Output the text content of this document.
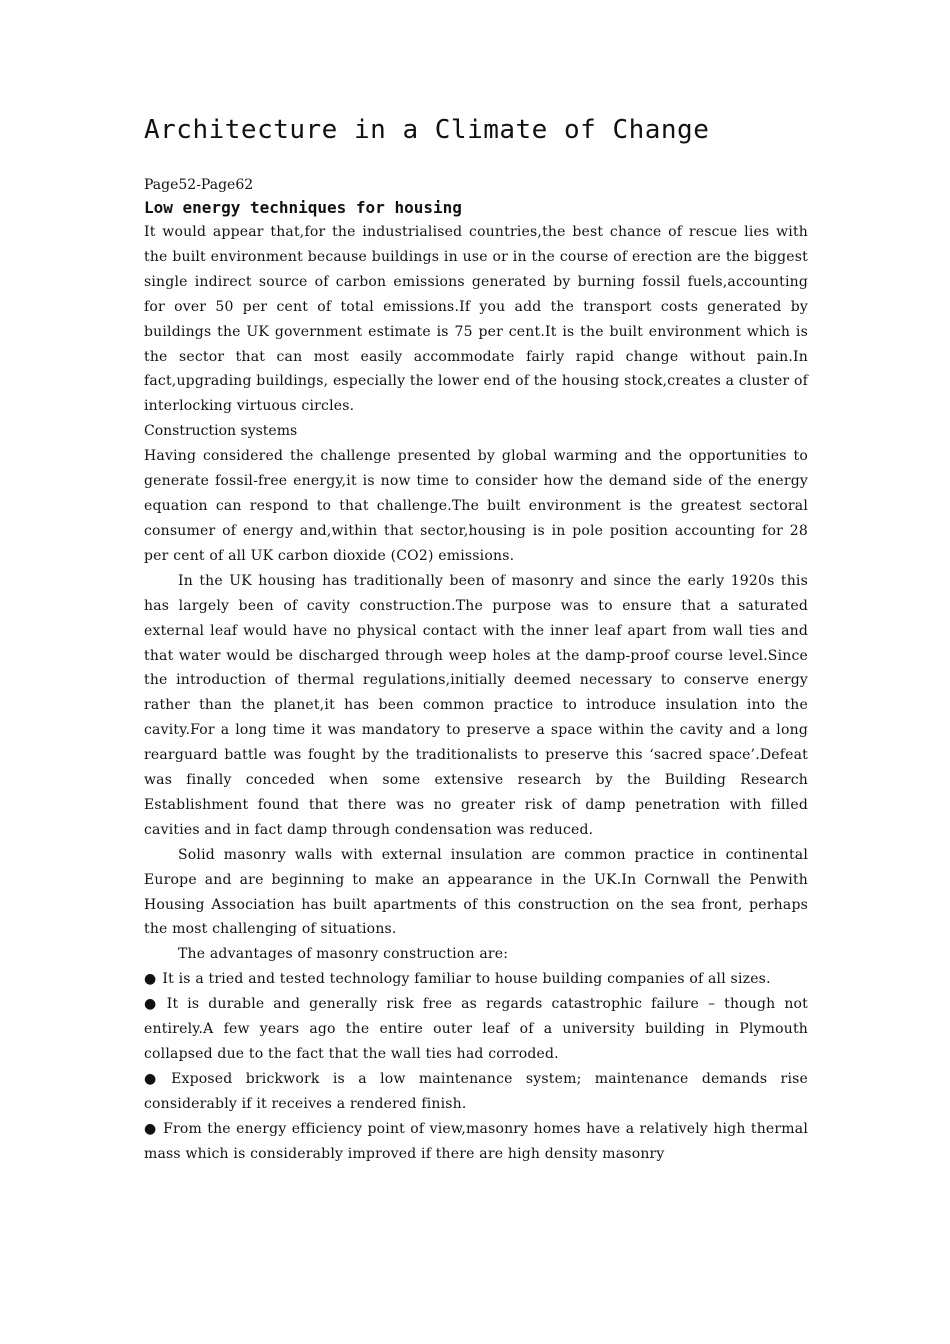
Architecture in a Climate of Change
Page52-Page62
Low energy techniques for housing

It would appear that,for the industrialised countries,the best chance of rescue lies with the built environment because buildings in use or in the course of erection are the biggest single indirect source of carbon emissions generated by burning fossil fuels,accounting for over 50 per cent of total emissions.If you add the transport costs generated by buildings the UK government estimate is 75 per cent.It is the built environment which is the sector that can most easily accommodate fairly rapid change without pain.In fact,upgrading buildings, especially the lower end of the housing stock,creates a cluster of interlocking virtuous circles.

Construction systems

Having considered the challenge presented by global warming and the opportunities to generate fossil-free energy,it is now time to consider how the demand side of the energy equation can respond to that challenge.The built environment is the greatest sectoral consumer of energy and,within that sector,housing is in pole position accounting for 28 per cent of all UK carbon dioxide (CO2) emissions.

In the UK housing has traditionally been of masonry and since the early 1920s this has largely been of cavity construction.The purpose was to ensure that a saturated external leaf would have no physical contact with the inner leaf apart from wall ties and that water would be discharged through weep holes at the damp-proof course level.Since the introduction of thermal regulations,initially deemed necessary to conserve energy rather than the planet,it has been common practice to introduce insulation into the cavity.For a long time it was mandatory to preserve a space within the cavity and a long rearguard battle was fought by the traditionalists to preserve this ‘sacred space’.Defeat was finally conceded when some extensive research by the Building Research Establishment found that there was no greater risk of damp penetration with filled cavities and in fact damp through condensation was reduced.

Solid masonry walls with external insulation are common practice in continental Europe and are beginning to make an appearance in the UK.In Cornwall the Penwith Housing Association has built apartments of this construction on the sea front, perhaps the most challenging of situations.

The advantages of masonry construction are:

● It is a tried and tested technology familiar to house building companies of all sizes.
● It is durable and generally risk free as regards catastrophic failure – though not entirely.A few years ago the entire outer leaf of a university building in Plymouth collapsed due to the fact that the wall ties had corroded.
● Exposed brickwork is a low maintenance system; maintenance demands rise considerably if it receives a rendered finish.
● From the energy efficiency point of view,masonry homes have a relatively high thermal mass which is considerably improved if there are high density masonry
